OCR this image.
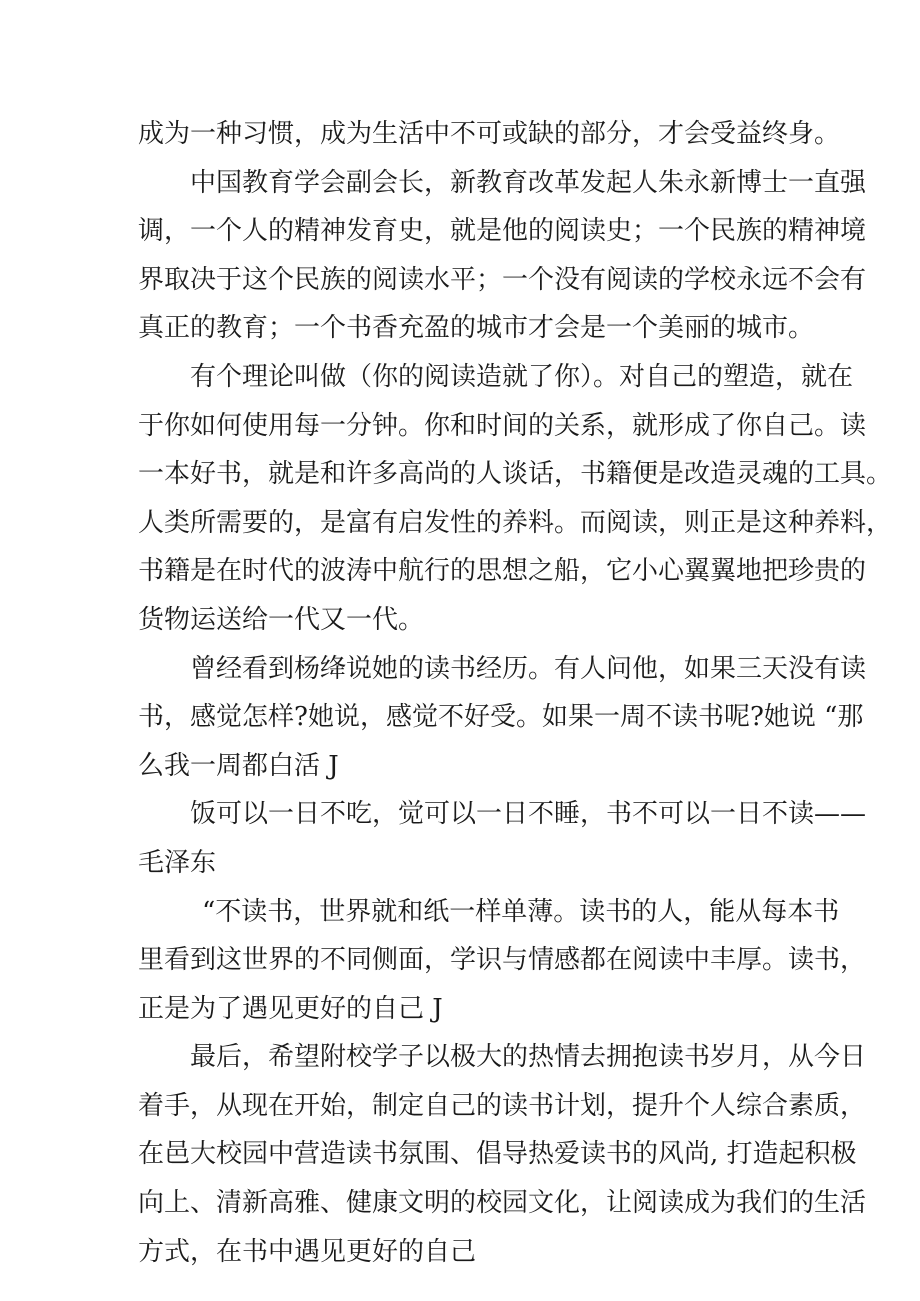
成为一种习惯，成为生活中不可或缺的部分，才会受益终身。
中国教育学会副会长，新教育改革发起人朱永新博士一直强
调，一个人的精神发育史，就是他的阅读史；一个民族的精神境
界取决于这个民族的阅读水平；一个没有阅读的学校永远不会有
真正的教育；一个书香充盈的城市才会是一个美丽的城市。
有个理论叫做（你的阅读造就了你）。对自己的塑造，就在
于你如何使用每一分钟。你和时间的关系，就形成了你自己。读
一本好书，就是和许多高尚的人谈话，书籍便是改造灵魂的工具。
人类所需要的，是富有启发性的养料。而阅读，则正是这种养料，
书籍是在时代的波涛中航行的思想之船，它小心翼翼地把珍贵的
货物运送给一代又一代。
曾经看到杨绛说她的读书经历。有人问他，如果三天没有读
书，感觉怎样?她说，感觉不好受。如果一周不读书呢?她说 “那
么我一周都白活 J
饭可以一日不吃，觉可以一日不睡，书不可以一日不读——
毛泽东
“不读书，世界就和纸一样单薄。读书的人，能从每本书
里看到这世界的不同侧面，学识与情感都在阅读中丰厚。读书，
正是为了遇见更好的自己 J
最后，希望附校学子以极大的热情去拥抱读书岁月，从今日
着手，从现在开始，制定自己的读书计划，提升个人综合素质，
在邑大校园中营造读书氛围、倡导热爱读书的风尚, 打造起积极
向上、清新高雅、健康文明的校园文化，让阅读成为我们的生活
方式，在书中遇见更好的自己
